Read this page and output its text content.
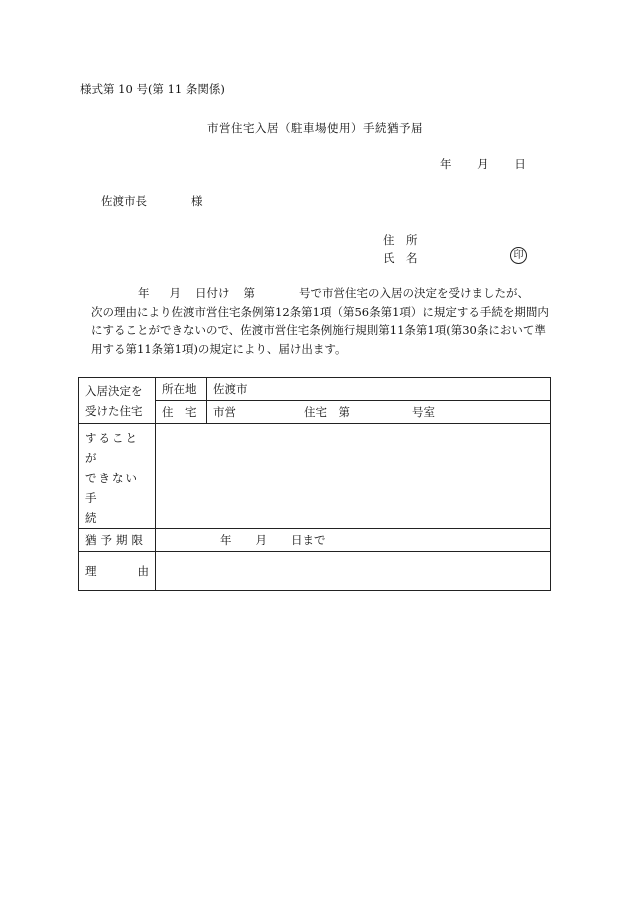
様式第 10 号(第 11 条関係)
市営住宅入居（駐車場使用）手続猶予届
年 月 日
佐渡市長	様
住　所
氏　名	印
年 月 日付け 第	号で市営住宅の入居の決定を受けましたが、
次の理由により佐渡市営住宅条例第12条第1項（第56条第1項）に規定する手続を期間内
にすることができないので、佐渡市営住宅条例施行規則第11条第1項(第30条において準
用する第11条第1項)の規定により、届け出ます。
入居決定を
受けた住宅	所在地	佐渡市
	住　宅	市営 住宅　第 号室

することが
できない手
続		

猶予期限	年 月 日まで	

理 由		
